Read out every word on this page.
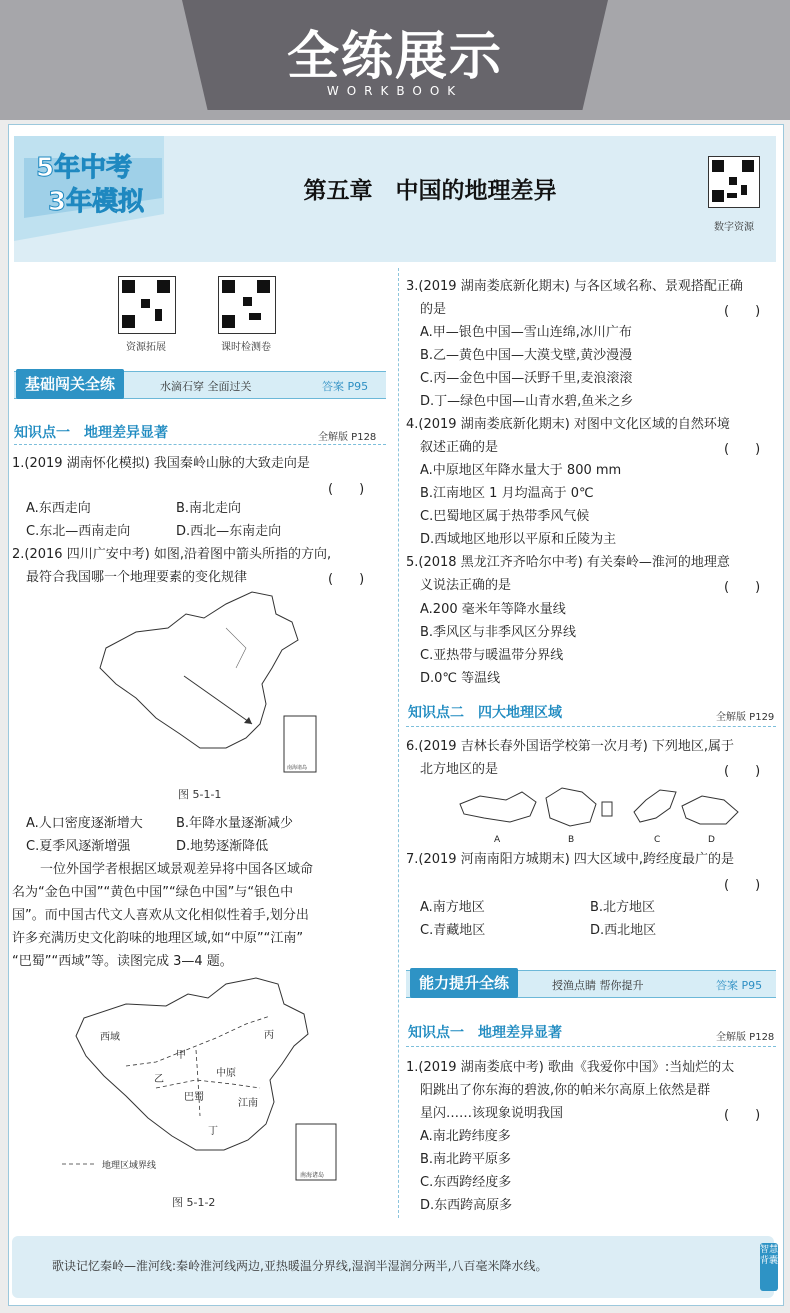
全练展示
WORKBOOK
5年中考
3年模拟	第五章　中国的地理差异
数字资源
资源拓展	课时检测卷
基础闯关全练	水滴石穿 全面过关	答案 P95
知识点一　地理差异显著	全解版 P128
1.(2019 湖南怀化模拟) 我国秦岭山脉的大致走向是
(　　)
A.东西走向	B.南北走向
C.东北—西南走向	D.西北—东南走向
2.(2016 四川广安中考) 如图,沿着图中箭头所指的方向,
最符合我国哪一个地理要素的变化规律	(　　)
南海诸岛
图 5-1-1
A.人口密度逐渐增大	B.年降水量逐渐减少
C.夏季风逐渐增强	D.地势逐渐降低
一位外国学者根据区域景观差异将中国各区域命
名为“金色中国”“黄色中国”“绿色中国”与“银色中
国”。而中国古代文人喜欢从文化相似性着手,划分出
许多充满历史文化韵味的地理区域,如“中原”“江南”
“巴蜀”“西域”等。读图完成 3—4 题。
西域
甲
丙
中原
乙
巴蜀
江南
丁
南海诸岛
地理区域界线
图 5-1-2
3.(2019 湖南娄底新化期末) 与各区域名称、景观搭配正确
的是	(　　)
A.甲—银色中国—雪山连绵,冰川广布
B.乙—黄色中国—大漠戈壁,黄沙漫漫
C.丙—金色中国—沃野千里,麦浪滚滚
D.丁—绿色中国—山青水碧,鱼米之乡
4.(2019 湖南娄底新化期末) 对图中文化区域的自然环境
叙述正确的是	(　　)
A.中原地区年降水量大于 800 mm
B.江南地区 1 月均温高于 0℃
C.巴蜀地区属于热带季风气候
D.西域地区地形以平原和丘陵为主
5.(2018 黑龙江齐齐哈尔中考) 有关秦岭—淮河的地理意
义说法正确的是	(　　)
A.200 毫米年等降水量线
B.季风区与非季风区分界线
C.亚热带与暖温带分界线
D.0℃ 等温线
知识点二　四大地理区域	全解版 P129
6.(2019 吉林长春外国语学校第一次月考) 下列地区,属于
北方地区的是	(　　)
A	B	C	D
7.(2019 河南南阳方城期末) 四大区域中,跨经度最广的是
(　　)
A.南方地区	B.北方地区
C.青藏地区	D.西北地区
能力提升全练	授渔点睛 帮你提升	答案 P95
知识点一　地理差异显著	全解版 P128
1.(2019 湖南娄底中考) 歌曲《我爱你中国》:当灿烂的太
阳跳出了你东海的碧波,你的帕米尔高原上依然是群
星闪……该现象说明我国	(　　)
A.南北跨纬度多
B.南北跨平原多
C.东西跨经度多
D.东西跨高原多
歌诀记忆秦岭—淮河线:秦岭淮河线两边,亚热暖温分界线,湿润半湿润分两半,八百毫米降水线。
智慧背囊
